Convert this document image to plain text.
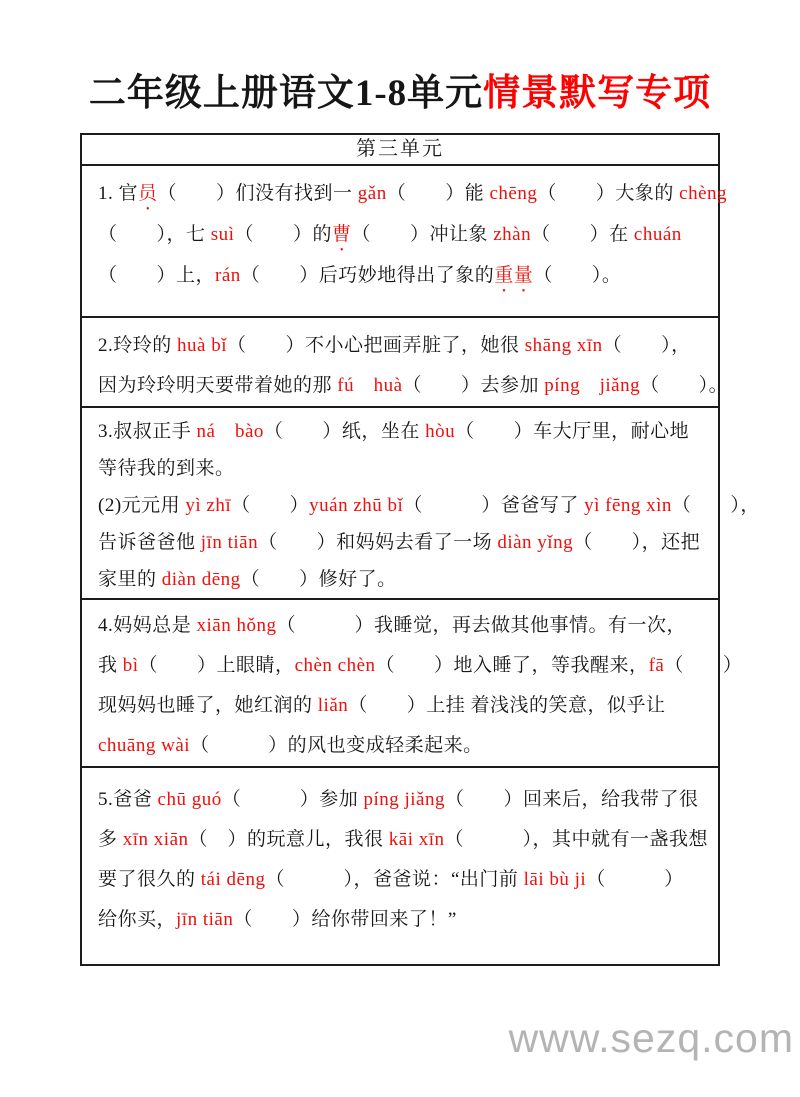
二年级上册语文1-8单元情景默写专项
第三单元
1. 官员（　　）们没有找到一 gǎn（　　）能 chēng（　　）大象的 chèng
（　　），七 suì（　　）的曹（　　）冲让象 zhàn（　　）在 chuán
（　　）上，rán（　　）后巧妙地得出了象的重量（　　）。
2.玲玲的 huà bǐ（　　）不小心把画弄脏了，她很 shāng xīn（　　），
因为玲玲明天要带着她的那 fú　huà（　　）去参加 píng　jiǎng（　　）。
3.叔叔正手 ná　bào（　　）纸，坐在 hòu（　　）车大厅里，耐心地
等待我的到来。
(2)元元用 yì zhī（　　）yuán zhū bǐ（　　　）爸爸写了 yì fēng xìn（　　），
告诉爸爸他 jīn tiān（　　）和妈妈去看了一场 diàn yǐng（　　），还把
家里的 diàn dēng（　　）修好了。
4.妈妈总是 xiān hǒng（　　　）我睡觉，再去做其他事情。有一次，
我 bì（　　）上眼睛，chèn chèn（　　）地入睡了，等我醒来，fā（　　）
现妈妈也睡了，她红润的 liǎn（　　）上挂 着浅浅的笑意，似乎让
chuāng wài（　　　）的风也变成轻柔起来。
5.爸爸 chū guó（　　　）参加 píng jiǎng（　　）回来后，给我带了很
多 xīn xiān（　）的玩意儿，我很 kāi xīn（　　　），其中就有一盏我想
要了很久的 tái dēng（　　　），爸爸说：“出门前 lāi bù ji（　　　）
给你买，jīn tiān（　　）给你带回来了！”
www.sezq.com
